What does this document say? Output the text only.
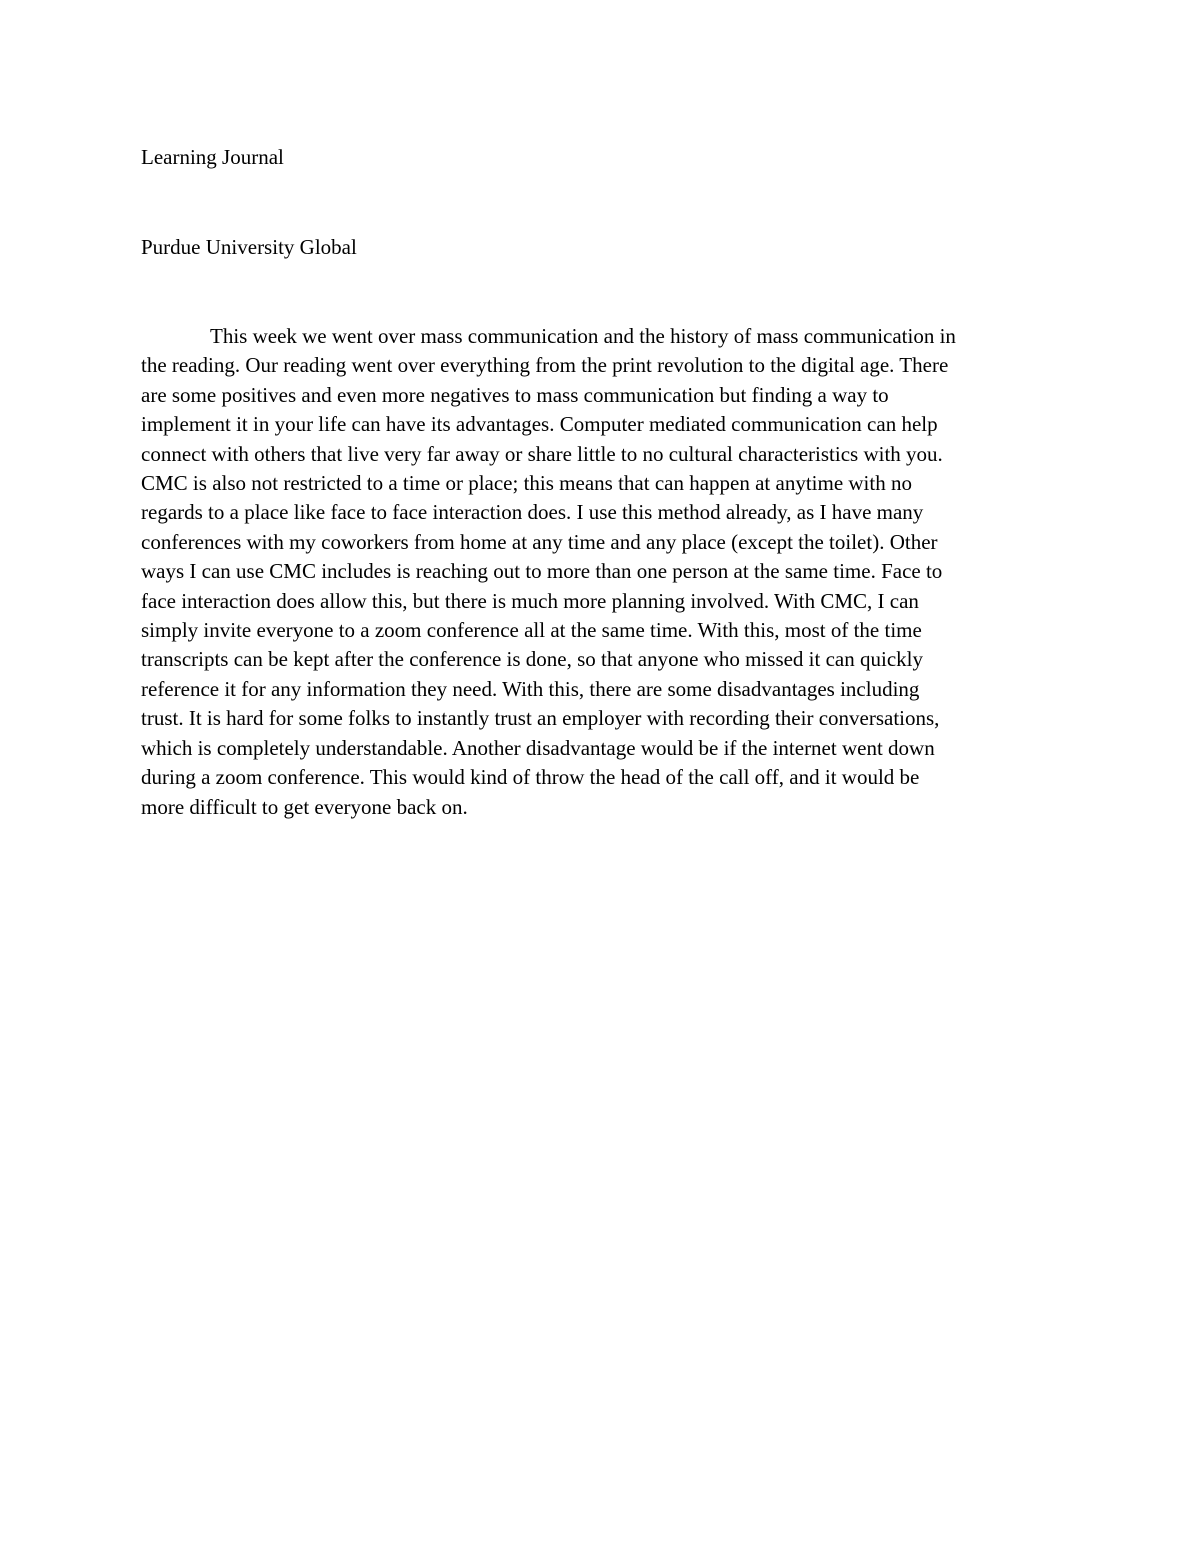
Learning Journal

Purdue University Global

This week we went over mass communication and the history of mass communication in
the reading. Our reading went over everything from the print revolution to the digital age. There
are some positives and even more negatives to mass communication but finding a way to
implement it in your life can have its advantages. Computer mediated communication can help
connect with others that live very far away or share little to no cultural characteristics with you.
CMC is also not restricted to a time or place; this means that can happen at anytime with no
regards to a place like face to face interaction does. I use this method already, as I have many
conferences with my coworkers from home at any time and any place (except the toilet). Other
ways I can use CMC includes is reaching out to more than one person at the same time. Face to
face interaction does allow this, but there is much more planning involved. With CMC, I can
simply invite everyone to a zoom conference all at the same time. With this, most of the time
transcripts can be kept after the conference is done, so that anyone who missed it can quickly
reference it for any information they need. With this, there are some disadvantages including
trust. It is hard for some folks to instantly trust an employer with recording their conversations,
which is completely understandable. Another disadvantage would be if the internet went down
during a zoom conference. This would kind of throw the head of the call off, and it would be
more difficult to get everyone back on.
